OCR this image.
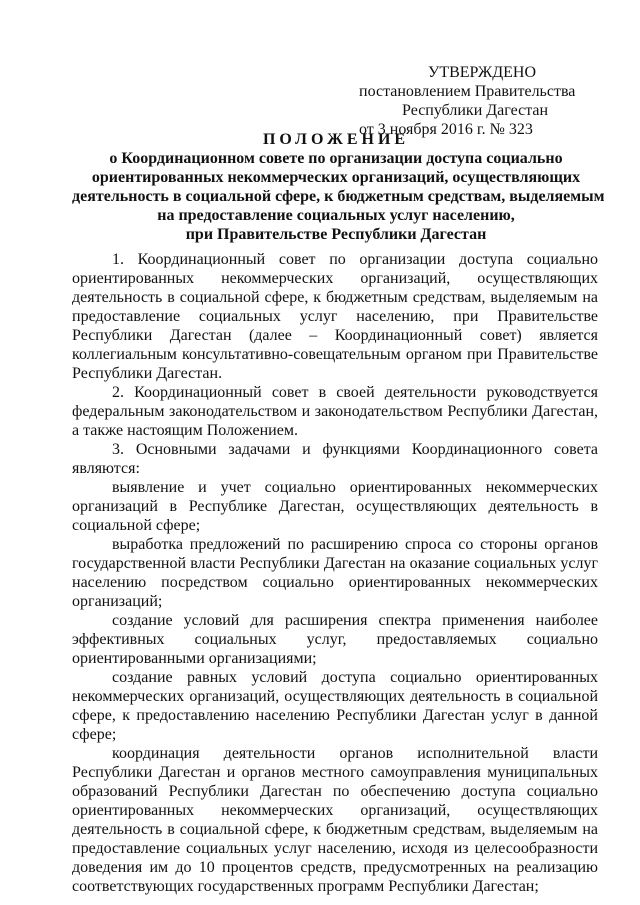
УТВЕРЖДЕНО
постановлением Правительства
Республики Дагестан
от 3 ноября 2016 г. № 323
ПОЛОЖЕНИЕ
о Координационном совете по организации доступа социально
ориентированных некоммерческих организаций, осуществляющих
деятельность в социальной сфере, к бюджетным средствам, выделяемым
на предоставление социальных услуг населению,
при Правительстве Республики Дагестан

1. Координационный совет по организации доступа социально ориентированных некоммерческих организаций, осуществляющих деятельность в социальной сфере, к бюджетным средствам, выделяемым на предоставление социальных услуг населению, при Правительстве Республики Дагестан (далее – Координационный совет) является коллегиальным консультативно-совещательным органом при Правительстве Республики Дагестан.

2. Координационный совет в своей деятельности руководствуется федеральным законодательством и законодательством Республики Дагестан, а также настоящим Положением.

3. Основными задачами и функциями Координационного совета являются:

выявление и учет социально ориентированных некоммерческих организаций в Республике Дагестан, осуществляющих деятельность в социальной сфере;

выработка предложений по расширению спроса со стороны органов государственной власти Республики Дагестан на оказание социальных услуг населению посредством социально ориентированных некоммерческих организаций;

создание условий для расширения спектра применения наиболее эффективных социальных услуг, предоставляемых социально ориентированными организациями;

создание равных условий доступа социально ориентированных некоммерческих организаций, осуществляющих деятельность в социальной сфере, к предоставлению населению Республики Дагестан услуг в данной сфере;

координация деятельности органов исполнительной власти Республики Дагестан и органов местного самоуправления муниципальных образований Республики Дагестан по обеспечению доступа социально ориентированных некоммерческих организаций, осуществляющих деятельность в социальной сфере, к бюджетным средствам, выделяемым на предоставление социальных услуг населению, исходя из целесообразности доведения им до 10 процентов средств, предусмотренных на реализацию соответствующих государственных программ Республики Дагестан;
